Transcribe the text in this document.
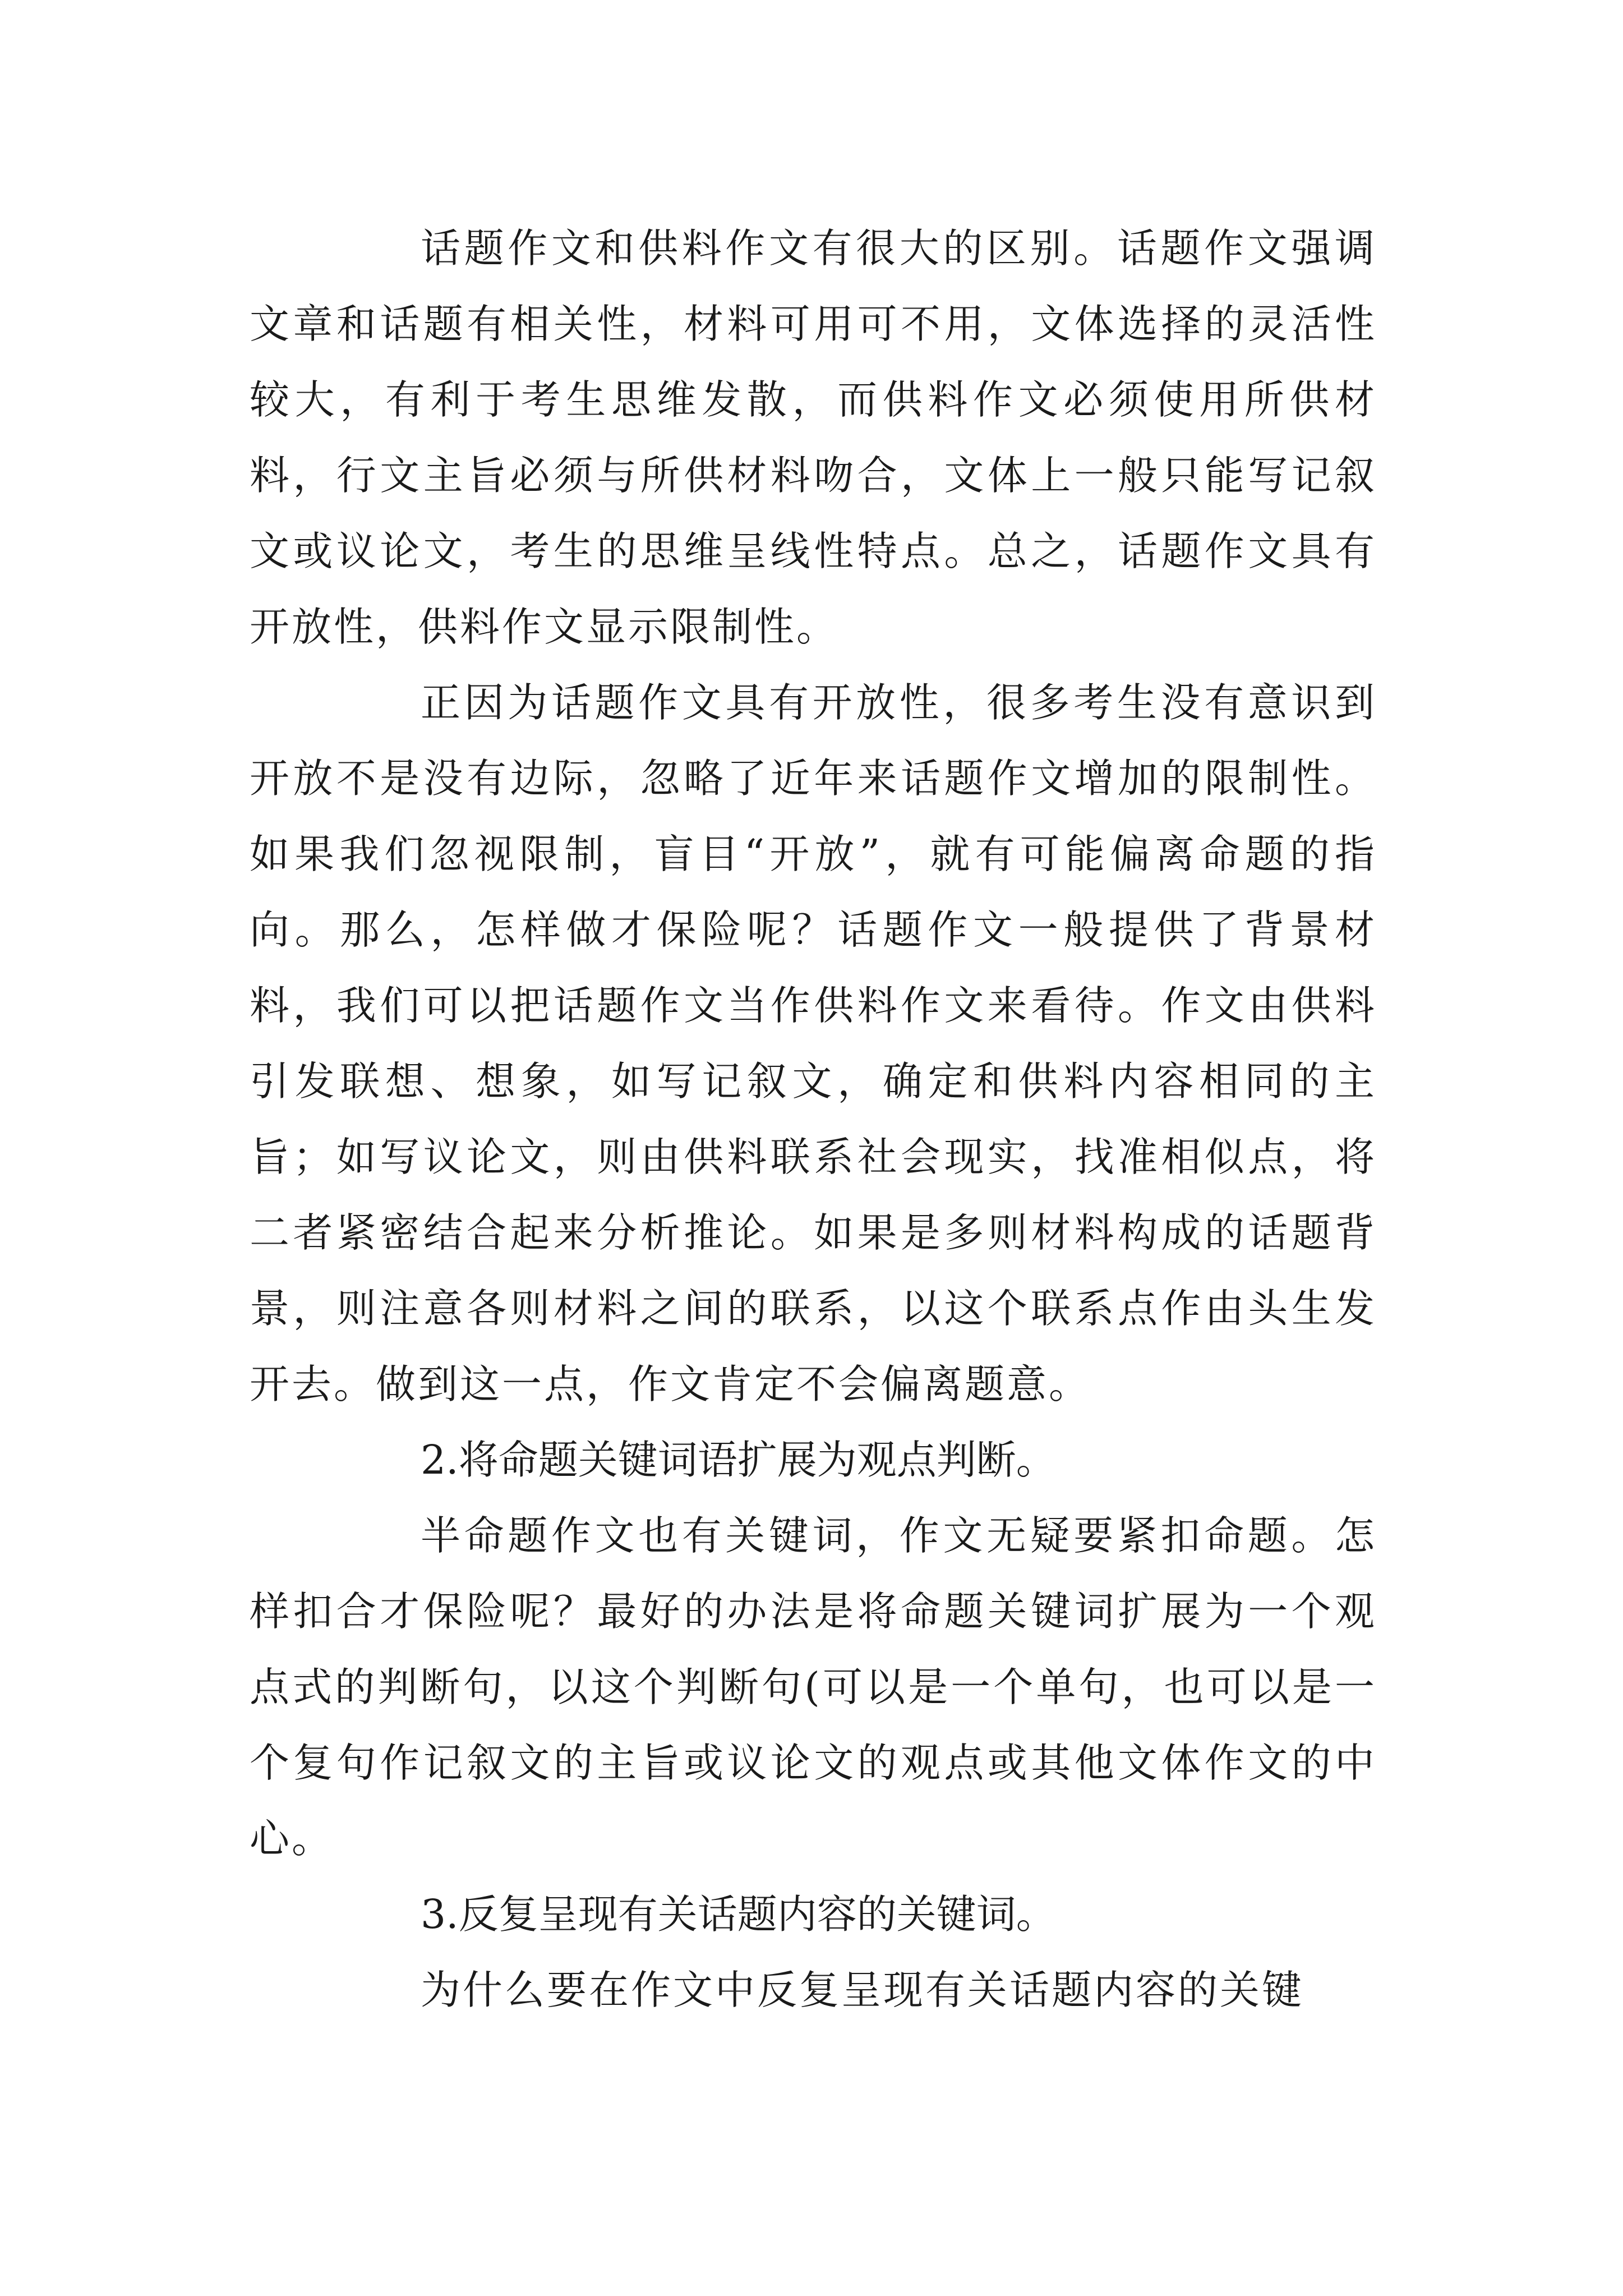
话题作文和供料作文有很大的区别。话题作文强调文章和话题有相关性，材料可用可不用，文体选择的灵活性较大，有利于考生思维发散，而供料作文必须使用所供材料，行文主旨必须与所供材料吻合，文体上一般只能写记叙文或议论文，考生的思维呈线性特点。总之，话题作文具有开放性，供料作文显示限制性。

正因为话题作文具有开放性，很多考生没有意识到开放不是没有边际，忽略了近年来话题作文增加的限制性。如果我们忽视限制，盲目“开放”，就有可能偏离命题的指向。那么，怎样做才保险呢？话题作文一般提供了背景材料，我们可以把话题作文当作供料作文来看待。作文由供料引发联想、想象，如写记叙文，确定和供料内容相同的主旨；如写议论文，则由供料联系社会现实，找准相似点，将二者紧密结合起来分析推论。如果是多则材料构成的话题背景，则注意各则材料之间的联系，以这个联系点作由头生发开去。做到这一点，作文肯定不会偏离题意。

2.将命题关键词语扩展为观点判断。

半命题作文也有关键词，作文无疑要紧扣命题。怎样扣合才保险呢？最好的办法是将命题关键词扩展为一个观点式的判断句，以这个判断句(可以是一个单句，也可以是一个复句作记叙文的主旨或议论文的观点或其他文体作文的中心。

3.反复呈现有关话题内容的关键词。

为什么要在作文中反复呈现有关话题内容的关键
